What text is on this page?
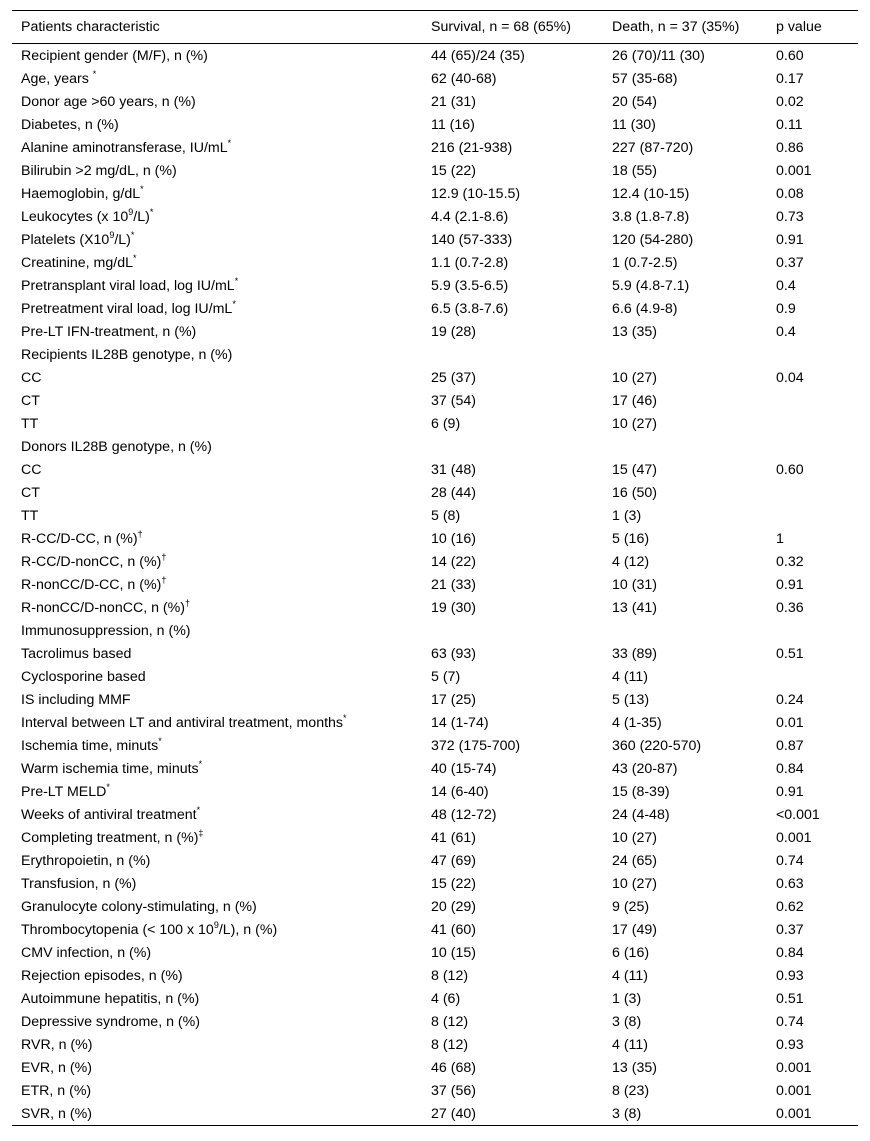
Patients characteristic	Survival, n = 68 (65%)	Death, n = 37 (35%)	p value
Recipient gender (M/F), n (%)	44 (65)/24 (35)	26 (70)/11 (30)	0.60
Age, years *	62 (40-68)	57 (35-68)	0.17
Donor age >60 years, n (%)	21 (31)	20 (54)	0.02
Diabetes, n (%)	11 (16)	11 (30)	0.11
Alanine aminotransferase, IU/mL*	216 (21-938)	227 (87-720)	0.86
Bilirubin >2 mg/dL, n (%)	15 (22)	18 (55)	0.001
Haemoglobin, g/dL*	12.9 (10-15.5)	12.4 (10-15)	0.08
Leukocytes (x $10^9/L)^*$	4.4 (2.1-8.6)	3.8 (1.8-7.8)	0.73
Platelets $(X10^9/L)^*$	140 (57-333)	120 (54-280)	0.91
Creatinine, mg/dL*	1.1 (0.7-2.8)	1 (0.7-2.5)	0.37
Pretransplant viral load, log IU/mL*	5.9 (3.5-6.5)	5.9 (4.8-7.1)	0.4
Pretreatment viral load, log IU/mL*	6.5 (3.8-7.6)	6.6 (4.9-8)	0.9
Pre-LT IFN-treatment, n (%)	19 (28)	13 (35)	0.4
Recipients IL28B genotype, n (%)			
CC	25 (37)	10 (27)	0.04
CT	37 (54)	17 (46)	
TT	6 (9)	10 (27)	
Donors IL28B genotype, n (%)			
CC	31 (48)	15 (47)	0.60
CT	28 (44)	16 (50)	
TT	5 (8)	1 (3)	
R-CC/D-CC, n (%)†	10 (16)	5 (16)	1
R-CC/D-nonCC, n (%)†	14 (22)	4 (12)	0.32
R-nonCC/D-CC, n (%)†	21 (33)	10 (31)	0.91
R-nonCC/D-nonCC, n (%)†	19 (30)	13 (41)	0.36
Immunosuppression, n (%)			
Tacrolimus based	63 (93)	33 (89)	0.51
Cyclosporine based	5 (7)	4 (11)	
IS including MMF	17 (25)	5 (13)	0.24
Interval between LT and antiviral treatment, months*	14 (1-74)	4 (1-35)	0.01
Ischemia time, minuts*	372 (175-700)	360 (220-570)	0.87
Warm ischemia time, minuts*	40 (15-74)	43 (20-87)	0.84
Pre-LT MELD*	14 (6-40)	15 (8-39)	0.91
Weeks of antiviral treatment*	48 (12-72)	24 (4-48)	<0.001
Completing treatment, n (%)‡	41 (61)	10 (27)	0.001
Erythropoietin, n (%)	47 (69)	24 (65)	0.74
Transfusion, n (%)	15 (22)	10 (27)	0.63
Granulocyte colony-stimulating, n (%)	20 (29)	9 (25)	0.62
Thrombocytopenia (< 100 x $10^9/L$), n (%)	41 (60)	17 (49)	0.37
CMV infection, n (%)	10 (15)	6 (16)	0.84
Rejection episodes, n (%)	8 (12)	4 (11)	0.93
Autoimmune hepatitis, n (%)	4 (6)	1 (3)	0.51
Depressive syndrome, n (%)	8 (12)	3 (8)	0.74
RVR, n (%)	8 (12)	4 (11)	0.93
EVR, n (%)	46 (68)	13 (35)	0.001
ETR, n (%)	37 (56)	8 (23)	0.001
SVR, n (%)	27 (40)	3 (8)	0.001
